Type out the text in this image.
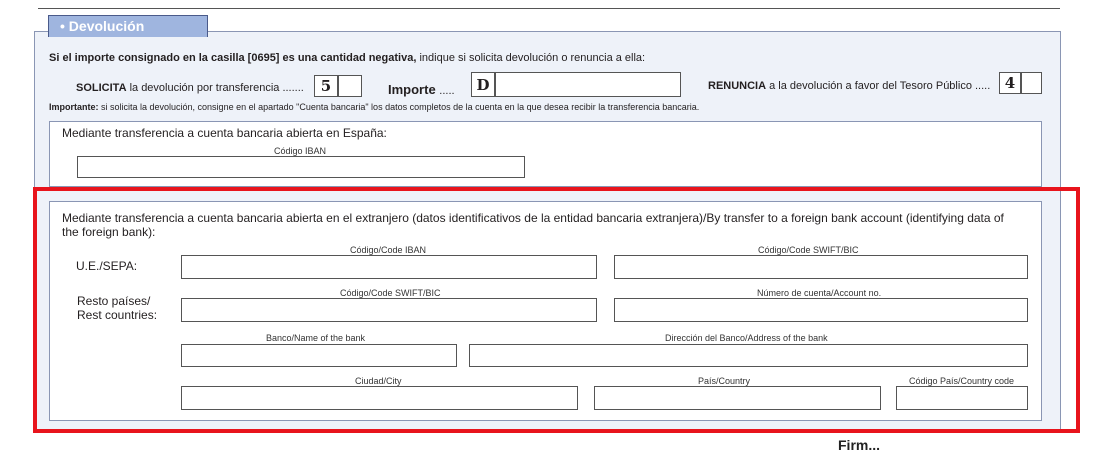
• Devolución
Si el importe consignado en la casilla [0695] es una cantidad negativa, indique si solicita devolución o renuncia a ella:
SOLICITA la devolución por transferencia ....... 5	Importe ..... D	RENUNCIA a la devolución a favor del Tesoro Público ..... 4
Importante: si solicita la devolución, consigne en el apartado "Cuenta bancaria" los datos completos de la cuenta en la que desea recibir la transferencia bancaria.
Mediante transferencia a cuenta bancaria abierta en España:
Código IBAN
Mediante transferencia a cuenta bancaria abierta en el extranjero (datos identificativos de la entidad bancaria extranjera)/By transfer to a foreign bank account (identifying data of
the foreign bank):
U.E./SEPA:
Código/Code IBAN	Código/Code SWIFT/BIC
Resto países/
Rest countries:
Código/Code SWIFT/BIC	Número de cuenta/Account no.
Banco/Name of the bank	Dirección del Banco/Address of the bank
Ciudad/City	País/Country	Código País/Country code
Firm...
